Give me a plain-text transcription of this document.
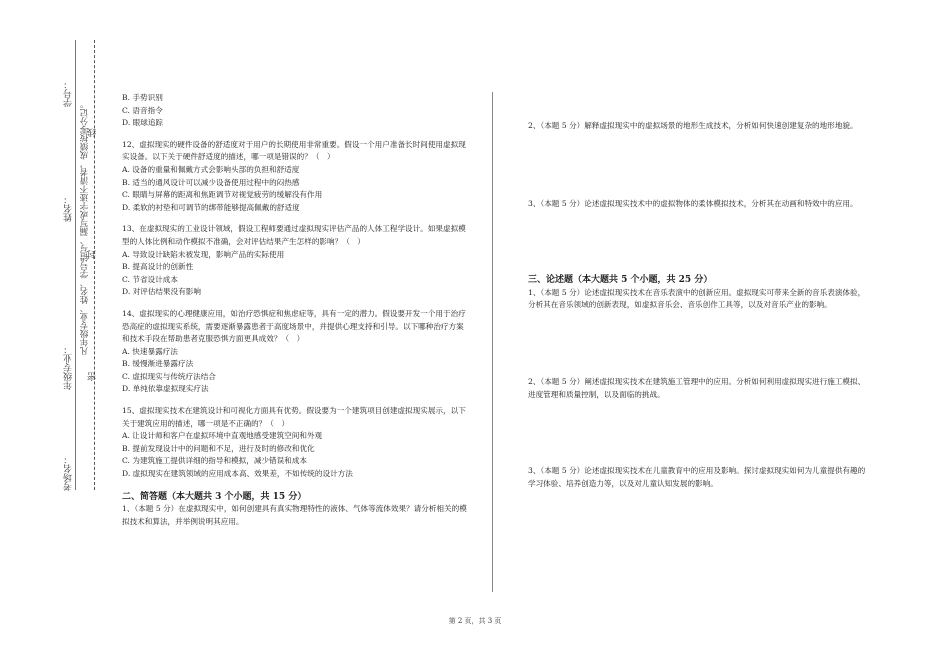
学号：
姓名：
年级专业：
考场名：
凡年级专业、姓名、学号错写、漏写或字迹不清者，成绩按零分记。
线
封
密

B. 手势识别

C. 语音指令

D. 眼球追踪

12、虚拟现实的硬件设备的舒适度对于用户的长期使用非常重要。假设一个用户准备长时间使用虚拟现实设备。以下关于硬件舒适度的描述，哪一项是错误的？（　）

A. 设备的重量和佩戴方式会影响头部的负担和舒适度

B. 适当的通风设计可以减少设备使用过程中的闷热感

C. 眼睛与屏幕的距离和焦距调节对视觉疲劳的缓解没有作用

D. 柔软的衬垫和可调节的绑带能够提高佩戴的舒适度

13、在虚拟现实的工业设计领域，假设工程师要通过虚拟现实评估产品的人体工程学设计。如果虚拟模型的人体比例和动作模拟不准确，会对评估结果产生怎样的影响？（　）

A. 导致设计缺陷未被发现，影响产品的实际使用

B. 提高设计的创新性

C. 节省设计成本

D. 对评估结果没有影响

14、虚拟现实的心理健康应用，如治疗恐惧症和焦虑症等，具有一定的潜力。假设要开发一个用于治疗恐高症的虚拟现实系统，需要逐渐暴露患者于高度场景中，并提供心理支持和引导。以下哪种治疗方案和技术手段在帮助患者克服恐惧方面更具成效？（　）

A. 快速暴露疗法

B. 缓慢渐进暴露疗法

C. 虚拟现实与传统疗法结合

D. 单纯依靠虚拟现实疗法

15、虚拟现实技术在建筑设计和可视化方面具有优势。假设要为一个建筑项目创建虚拟现实展示，以下关于建筑应用的描述，哪一项是不正确的？（　）

A. 让设计师和客户在虚拟环境中直观地感受建筑空间和外观

B. 提前发现设计中的问题和不足，进行及时的修改和优化

C. 为建筑施工提供详细的指导和模拟，减少错误和成本

D. 虚拟现实在建筑领域的应用成本高、效果差，不如传统的设计方法

二、简答题（本大题共 3 个小题，共 15 分）

1、（本题 5 分）在虚拟现实中，如何创建具有真实物理特性的液体、气体等流体效果？请分析相关的模拟技术和算法，并举例说明其应用。

2、（本题 5 分）解释虚拟现实中的虚拟场景的地形生成技术，分析如何快速创建复杂的地形地貌。

3、（本题 5 分）论述虚拟现实技术中的虚拟物体的柔体模拟技术，分析其在动画和特效中的应用。

三、论述题（本大题共 5 个小题，共 25 分）

1、（本题 5 分）论述虚拟现实技术在音乐表演中的创新应用。虚拟现实可带来全新的音乐表演体验，分析其在音乐领域的创新表现，如虚拟音乐会、音乐创作工具等，以及对音乐产业的影响。

2、（本题 5 分）阐述虚拟现实技术在建筑施工管理中的应用。分析如何利用虚拟现实进行施工模拟、进度管理和质量控制，以及面临的挑战。

3、（本题 5 分）论述虚拟现实技术在儿童教育中的应用及影响。探讨虚拟现实如何为儿童提供有趣的学习体验、培养创造力等，以及对儿童认知发展的影响。

第 2 页，共 3 页
